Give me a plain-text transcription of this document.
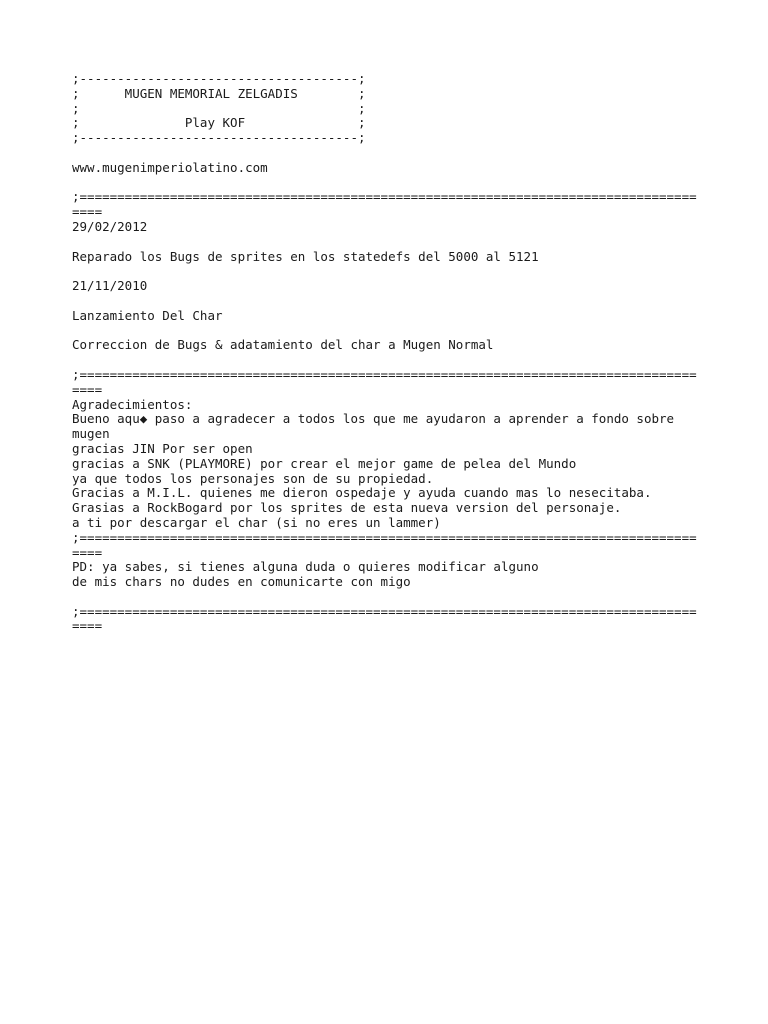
;-------------------------------------;
;      MUGEN MEMORIAL ZELGADIS        ;
;                                     ;
;              Play KOF               ;
;-------------------------------------;
www.mugenimperiolatino.com
;==================================================================================
====
29/02/2012
Reparado los Bugs de sprites en los statedefs del 5000 al 5121
21/11/2010
Lanzamiento Del Char
Correccion de Bugs & adatamiento del char a Mugen Normal
;==================================================================================
====
Agradecimientos:
Bueno aqu◆ paso a agradecer a todos los que me ayudaron a aprender a fondo sobre
mugen
gracias JIN Por ser open
gracias a SNK (PLAYMORE) por crear el mejor game de pelea del Mundo
ya que todos los personajes son de su propiedad.
Gracias a M.I.L. quienes me dieron ospedaje y ayuda cuando mas lo nesecitaba.
Grasias a RockBogard por los sprites de esta nueva version del personaje.
a ti por descargar el char (si no eres un lammer)
;==================================================================================
====
PD: ya sabes, si tienes alguna duda o quieres modificar alguno
de mis chars no dudes en comunicarte con migo
;==================================================================================
====
